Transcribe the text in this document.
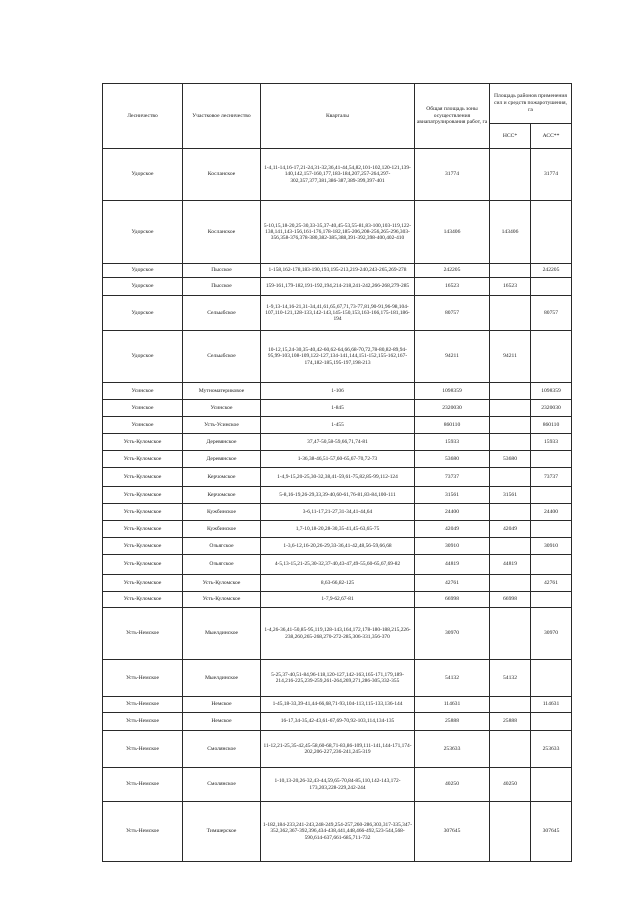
Лесничество	Участковое лесничество	Кварталы	Общая площадь зоны осуществления авиапатрулирования работ, га	Площадь районов применения сил и средств пожаротушения, га	
				НСС*	АСС**
Удорское	Косланское	1-4,11-14,16-17,21-24,31-32,36,41-44,54,82,101-102,120-121,139-140,142,157-160,177,183-184,207,257-264,297-302,357,377,381,386-387,389-399,397-401	31774		31774
Удорское	Косланское	5-10,15,18-20,25-30,33-35,37-40,45-53,55-81,83-100,103-119,122-138,141,143-156,161-176,178-182,185-206,208-256,265-296,303-356,358-376,378-380,382-385,388,391-392,398-400,402-410	143406	143406	
Удорское	Пысское	1-158,162-178,183-190,193,195-213,219-240,243-265,269-278	242205		242205
Удорское	Пысское	159-161,179-182,191-192,194,214-218,241-242,266-268,279-285	16523	16523	
Удорское	Сельыбское	1-9,13-14,16-21,31-34,41,61,65,67,71,73-77,81,90-91,96-98,104-107,110-121,128-133,142-143,145-150,153,163-166,175-181,186-194	80757		80757
Удорское	Сельыбское	10-12,15,24-30,35-40,42-60,62-64,66,68-70,72,78-80,82-89,94-95,99-103,108-109,122-127,134-141,144,151-152,155-162,167-174,182-185,195-197,198-213	94211	94211	
Усинское	Мутноматериковое	1-106	1098359		1098359
Усинское	Усинское	1-845	2320030		2320030
Усинское	Усть-Усинское	1-455	860110		860110
Усть-Куломское	Деревянское	37,47-50,58-59,66,71,74-81	15933		15933
Усть-Куломское	Деревянское	1-36,38-46,51-57,60-65,67-70,72-73	53680	53680	
Усть-Куломское	Керчомское	1-4,9-15,20-25,30-32,38,41-59,61-75,82,85-99,112-124	73737		73737
Усть-Куломское	Керчомское	5-8,16-19,26-29,33,39-40,60-61,76-81,83-84,100-111	31561	31561	
Усть-Куломское	Кужбинское	3-6,11-17,21-27,31-34,41-44,64	24400		24400
Усть-Куломское	Кужбинское	1,7-10,18-20,28-30,35-41,45-63,65-75	42049	42049	
Усть-Куломское	Озъягское	1-3,6-12,16-20,26-29,33-36,41-42,48,56-59,66,68	30910		30910
Усть-Куломское	Озъягское	4-5,13-15,21-25,30-32,37-40,43-47,49-55,60-65,67,69-82	44819	44819	
Усть-Куломское	Усть-Куломское	8,63-66,82-125	42761		42761
Усть-Куломское	Усть-Куломское	1-7,9-62,67-81	66998	66998	
Усть-Немское	Мыелдинское	1-4,26-36,41-50,85-95,119,128-143,164,172,178-180-188,215,226-238,260,265-268,270-272-285,306-331,356-370	30970		30970
Усть-Немское	Мыелдинское	5-25,37-40,51-84,96-118,120-127,142-163,165-171,179,189-214,216-225,239-259,261-264,269,271,286-305,332-355	54132	54132	
Усть-Немское	Немское	1-45,18-33,39-41,44-66,68,71-93,104-113,115-133,136-144	114631		114631
Усть-Немское	Немское	16-17,34-35,42-43,61-67,69-70,92-103,114,134-135	25888	25888	
Усть-Немское	Смолянское	11-12,21-25,35-42,45-58,60-68,71-83,86-109,111-141,144-171,174-202,206-227,236-241,245-319	253633		253633
Усть-Немское	Смолянское	1-10,13-20,26-32,43-44,59,65-70,84-85,110,142-143,172-173,203,228-229,242-244	40250	40250	
Усть-Немское	Тимшерское	1-182,184-233,241-243,248-249,254-257,260-286,303,317-335,347-352,362,367-392,396,434-438,441,448,466-492,523-544,568-590,614-637,661-685,711-732	307645		307645
